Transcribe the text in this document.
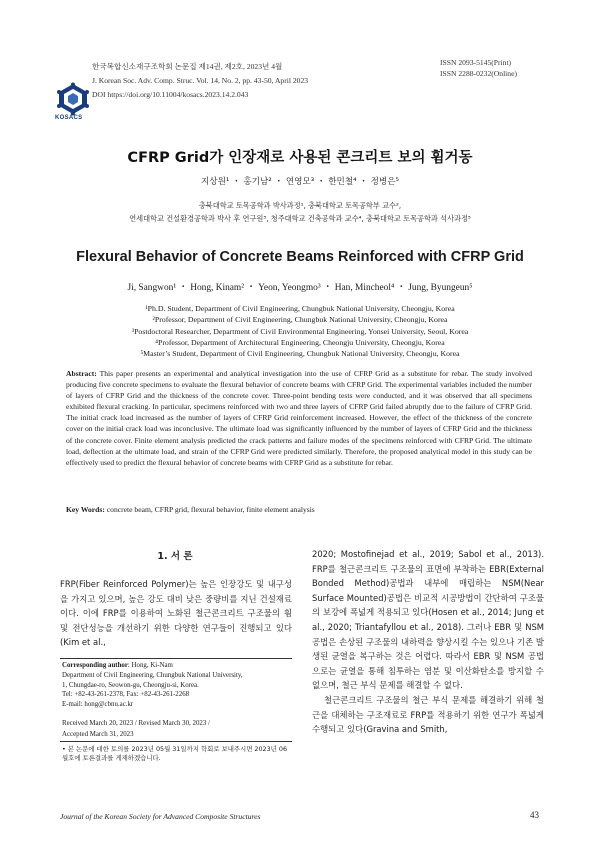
KOSACS
한국복합신소재구조학회 논문집 제14권, 제2호, 2023년 4월
J. Korean Soc. Adv. Comp. Struc. Vol. 14, No. 2, pp. 43-50, April 2023
DOI https://doi.org/10.11004/kosacs.2023.14.2.043
ISSN 2093-5145(Print)
ISSN 2288-0232(Online)
CFRP Grid가 인장재로 사용된 콘크리트 보의 휨거동
지상원¹ ・ 홍기남² ・ 연영모³ ・ 한민철⁴ ・ 정병은⁵
충북대학교 토목공학과 박사과정¹, 충북대학교 토목공학부 교수²,
연세대학교 건설환경공학과 박사 후 연구원³, 청주대학교 건축공학과 교수⁴, 충북대학교 토목공학과 석사과정⁵
Flexural Behavior of Concrete Beams Reinforced with CFRP Grid
Ji, Sangwon¹ ・ Hong, Kinam² ・ Yeon, Yeongmo³ ・ Han, Mincheol⁴ ・ Jung, Byungeun⁵
¹Ph.D. Student, Department of Civil Engineering, Chungbuk National University, Cheongju, Korea
²Professor, Department of Civil Engineering, Chungbuk National University, Cheongju, Korea
³Postdoctoral Researcher, Department of Civil Environmental Engineering, Yonsei University, Seoul, Korea
⁴Professor, Department of Architectural Engineering, Cheongju University, Cheongju, Korea
⁵Master’s Student, Department of Civil Engineering, Chungbuk National University, Cheongju, Korea
Abstract: This paper presents an experimental and analytical investigation into the use of CFRP Grid as a substitute for rebar. The study involved producing five concrete specimens to evaluate the flexural behavior of concrete beams with CFRP Grid. The experimental variables included the number of layers of CFRP Grid and the thickness of the concrete cover. Three-point bending tests were conducted, and it was observed that all specimens exhibited flexural cracking. In particular, specimens reinforced with two and three layers of CFRP Grid failed abruptly due to the failure of CFRP Grid. The initial crack load increased as the number of layers of CFRP Grid reinforcement increased. However, the effect of the thickness of the concrete cover on the initial crack load was inconclusive. The ultimate load was significantly influenced by the number of layers of CFRP Grid and the thickness of the concrete cover. Finite element analysis predicted the crack patterns and failure modes of the specimens reinforced with CFRP Grid. The ultimate load, deflection at the ultimate load, and strain of the CFRP Grid were predicted similarly. Therefore, the proposed analytical model in this study can be effectively used to predict the flexural behavior of concrete beams with CFRP Grid as a substitute for rebar.
Key Words: concrete beam, CFRP grid, flexural behavior, finite element analysis
1. 서 론
FRP(Fiber Reinforced Polymer)는 높은 인장강도 및 내구성을 가지고 있으며, 높은 강도 대비 낮은 중량비를 지닌 건설재료이다. 이에 FRP를 이용하여 노화된 철근콘크리트 구조물의 휨 및 전단성능을 개선하기 위한 다양한 연구들이 진행되고 있다(Kim et al.,
Corresponding author: Hong, Ki-Nam
Department of Civil Engineering, Chungbuk National University,
1, Chungdae-ro, Seowon-gu, Cheongju-si, Korea.
Tel: +82-43-261-2378, Fax: +82-43-261-2268
E-mail: hong@cbnu.ac.kr
Received March 20, 2023 / Revised March 30, 2023 /
Accepted March 31, 2023
• 본 논문에 대한 토의를 2023년 05월 31일까지 학회로 보내주시면 2023년 06월호에 토론결과를 게재하겠습니다.

2020; Mostofinejad et al., 2019; Sabol et al., 2013). FRP를 철근콘크리트 구조물의 표면에 부착하는 EBR(External Bonded Method)공법과 내부에 매립하는 NSM(Near Surface Mounted)공법은 비교적 시공방법이 간단하여 구조물의 보강에 폭넓게 적용되고 있다(Hosen et al., 2014; Jung et al., 2020; Triantafyllou et al., 2018). 그러나 EBR 및 NSM공법은 손상된 구조물의 내하력을 향상시킬 수는 있으나 기존 발생된 균열을 복구하는 것은 어렵다. 따라서 EBR 및 NSM 공법으로는 균열을 통해 침투하는 염분 및 이산화탄소를 방지할 수 없으며, 철근 부식 문제를 해결할 수 없다.

철근콘크리트 구조물의 철근 부식 문제를 해결하기 위해 철근을 대체하는 구조재료로 FRP를 적용하기 위한 연구가 폭넓게 수행되고 있다(Gravina and Smith,

Journal of the Korean Society for Advanced Composite Structures	43
